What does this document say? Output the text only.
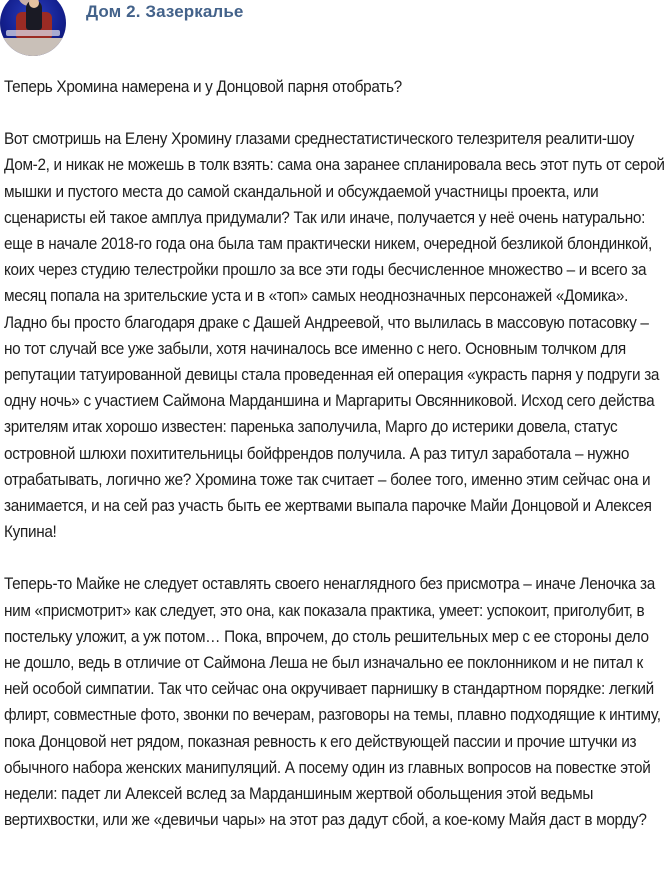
Дом 2. Зазеркалье

Теперь Хромина намерена и у Донцовой парня отобрать?

Вот смотришь на Елену Хромину глазами среднестатистического телезрителя реалити-шоу Дом-2, и никак не можешь в толк взять: сама она заранее спланировала весь этот путь от серой мышки и пустого места до самой скандальной и обсуждаемой участницы проекта, или сценаристы ей такое амплуа придумали? Так или иначе, получается у неё очень натурально: еще в начале 2018-го года она была там практически никем, очередной безликой блондинкой, коих через студию телестройки прошло за все эти годы бесчисленное множество – и всего за месяц попала на зрительские уста и в «топ» самых неоднозначных персонажей «Домика». Ладно бы просто благодаря драке с Дашей Андреевой, что вылилась в массовую потасовку – но тот случай все уже забыли, хотя начиналось все именно с него. Основным толчком для репутации татуированной девицы стала проведенная ей операция «украсть парня у подруги за одну ночь» с участием Саймона Марданшина и Маргариты Овсянниковой. Исход сего действа зрителям итак хорошо известен: паренька заполучила, Марго до истерики довела, статус островной шлюхи похитительницы бойфрендов получила. А раз титул заработала – нужно отрабатывать, логично же? Хромина тоже так считает – более того, именно этим сейчас она и занимается, и на сей раз участь быть ее жертвами выпала парочке Майи Донцовой и Алексея Купина!

Теперь-то Майке не следует оставлять своего ненаглядного без присмотра – иначе Леночка за ним «присмотрит» как следует, это она, как показала практика, умеет: успокоит, приголубит, в постельку уложит, а уж потом… Пока, впрочем, до столь решительных мер с ее стороны дело не дошло, ведь в отличие от Саймона Леша не был изначально ее поклонником и не питал к ней особой симпатии. Так что сейчас она окручивает парнишку в стандартном порядке: легкий флирт, совместные фото, звонки по вечерам, разговоры на темы, плавно подходящие к интиму, пока Донцовой нет рядом, показная ревность к его действующей пассии и прочие штучки из обычного набора женских манипуляций. А посему один из главных вопросов на повестке этой недели: падет ли Алексей вслед за Марданшиным жертвой обольщения этой ведьмы вертихвостки, или же «девичьи чары» на этот раз дадут сбой, а кое-кому Майя даст в морду?
